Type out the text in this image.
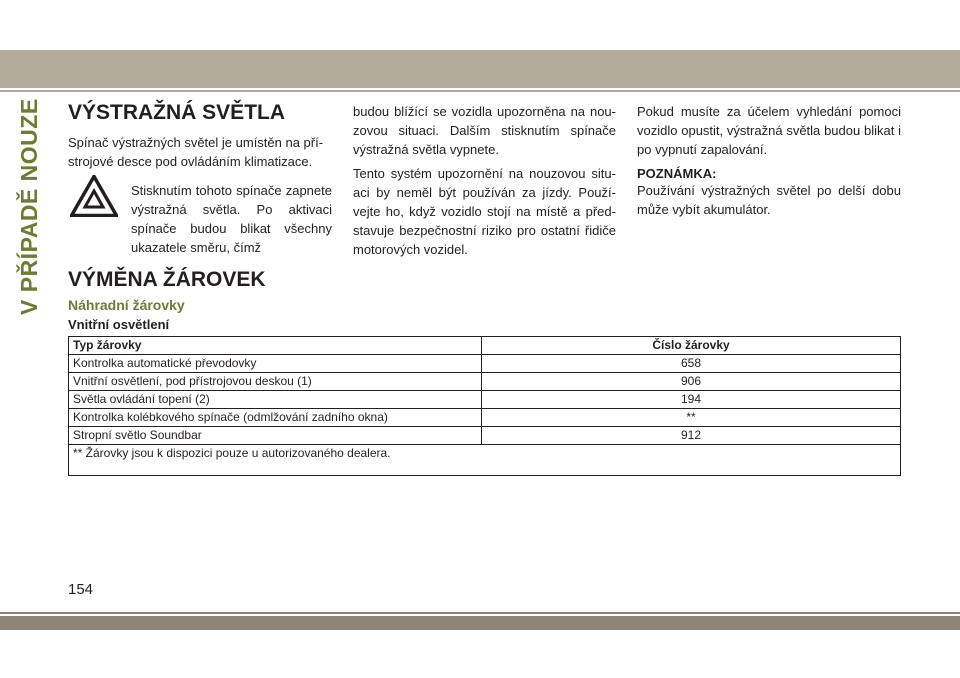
V PŘÍPADĚ NOUZE VÝSTRAŽNÁ SVĚTLA

Spínač výstražných světel je umístěn na přístrojové desce pod ovládáním klimatizace.

Stisknutím tohoto spínače zapnete výstražná světla. Po aktivaci spínače budou blikat všechny ukazatele směru, čímž

budou blížící se vozidla upozorněna na nouzovou situaci. Dalším stisknutím spínače výstražná světla vypnete.

Tento systém upozornění na nouzovou situaci by neměl být používán za jízdy. Používejte ho, když vozidlo stojí na místě a představuje bezpečnostní riziko pro ostatní řidiče motorových vozidel.

Pokud musíte za účelem vyhledání pomoci vozidlo opustit, výstražná světla budou blikat i po vypnutí zapalování.

POZNÁMKA:

Používání výstražných světel po delší dobu může vybít akumulátor.

VÝMĚNA ŽÁROVEK
Náhradní žárovky
Vnitřní osvětlení
Typ žárovky	Číslo žárovky
Kontrolka automatické převodovky	658
Vnitřní osvětlení, pod přístrojovou deskou (1)	906
Světla ovládání topení (2)	194
Kontrolka kolébkového spínače (odmlžování zadního okna)	**
Stropní světlo Soundbar	912
** Žárovky jsou k dispozici pouze u autorizovaného dealera.	
154
